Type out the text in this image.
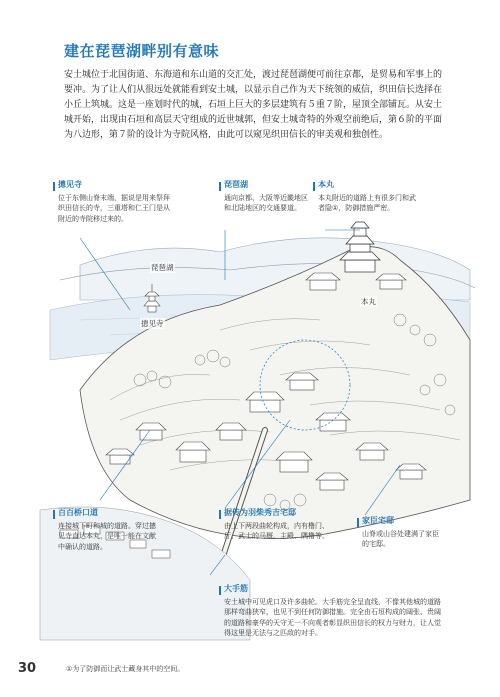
建在琵琶湖畔别有意味
安土城位于北国街道、东海道和东山道的交汇处，渡过琵琶湖便可前往京都，是贸易和军事上的要冲。为了让人们从很远处就能看到安土城，以显示自己作为天下统领的威信，织田信长选择在小丘上筑城。这是一座划时代的城，石垣上巨大的多层建筑有５重７阶，屋顶全部铺瓦。从安土城开始，出现由石垣和高层天守组成的近世城郭，但安土城奇特的外观空前绝后，第６阶的平面为八边形，第７阶的设计为寺院风格，由此可以窥见织田信长的审美观和独创性。
琵琶湖
摠见寺
本丸
摠见寺
位于东侧山脊末端，据说是用来祭拜织田信长的寺，三重塔和仁王门是从附近的寺院移过来的。
琵琶湖
通向京都、大阪等近畿地区和北陆地区的交通要道。
本丸
本丸附近的道路上有很多门和武者隐①，防御措施严密。
百百桥口道
连接城下町和城的道路。穿过摠见寺直达本丸，是唯一能在文献中确认的道路。
据传为羽柴秀吉宅邸
由上下两段曲轮构成，内有橹门、厅、武士的马厩、主殿、隅橹等。
家臣宅邸
山脊或山谷处建满了家臣的宅邸。
大手筋
安土城中可见虎口及许多曲轮。大手筋完全呈直线，不像其他城的道路那样弯曲狭窄，也见不到任何防御措施。完全由石垣构成的阔张、贵阔的道路和豪华的天守无一不向观者彰显织田信长的权力与财力，让人觉得这里是无法与之匹敌的对手。
30	①为了防御而让武士藏身其中的空间。
